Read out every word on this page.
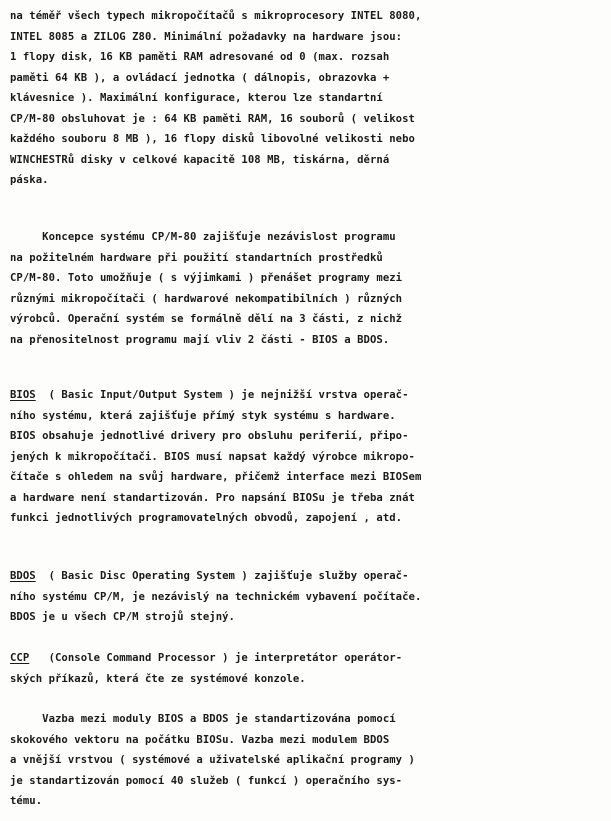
na téměř všech typech mikropočítačů s mikroprocesory INTEL 8080,
INTEL 8085 a ZILOG Z80. Minimální požadavky na hardware jsou:
1 flopy disk, 16 KB paměti RAM adresované od 0 (max. rozsah
paměti 64 KB ), a ovládací jednotka ( dálnopis, obrazovka +
klávesnice ). Maximální konfigurace, kterou lze standartní
CP/M-80 obsluhovat je : 64 KB paměti RAM, 16 souborů ( velikost
každého souboru 8 MB ), 16 flopy disků libovolné velikosti nebo
WINCHESTRů disky v celkové kapacitě 108 MB, tiskárna, děrná
páska.
Koncepce systému CP/M-80 zajišťuje nezávislost programu
na požitelném hardware při použití standartních prostředků
CP/M-80. Toto umožňuje ( s výjimkami ) přenášet programy mezi
různými mikropočítači ( hardwarové nekompatibilních ) různých
výrobců. Operační systém se formálně dělí na 3 části, z nichž
na přenositelnost programu mají vliv 2 části - BIOS a BDOS.
BIOS  ( Basic Input/Output System ) je nejnižší vrstva operač-
ního systému, která zajišťuje přímý styk systému s hardware.
BIOS obsahuje jednotlivé drivery pro obsluhu periferií, připo-
jených k mikropočítači. BIOS musí napsat každý výrobce mikropo-
čítače s ohledem na svůj hardware, přičemž interface mezi BIOSem
a hardware není standartizován. Pro napsání BIOSu je třeba znát
funkci jednotlivých programovatelných obvodů, zapojení , atd.
BDOS  ( Basic Disc Operating System ) zajišťuje služby operač-
ního systému CP/M, je nezávislý na technickém vybavení počítače.
BDOS je u všech CP/M strojů stejný.
CCP   (Console Command Processor ) je interpretátor operátor-
ských příkazů, která čte ze systémové konzole.
Vazba mezi moduly BIOS a BDOS je standartizována pomocí
skokového vektoru na počátku BIOSu. Vazba mezi modulem BDOS
a vnější vrstvou ( systémové a uživatelské aplikační programy )
je standartizován pomocí 40 služeb ( funkcí ) operačního sys-
tému.
